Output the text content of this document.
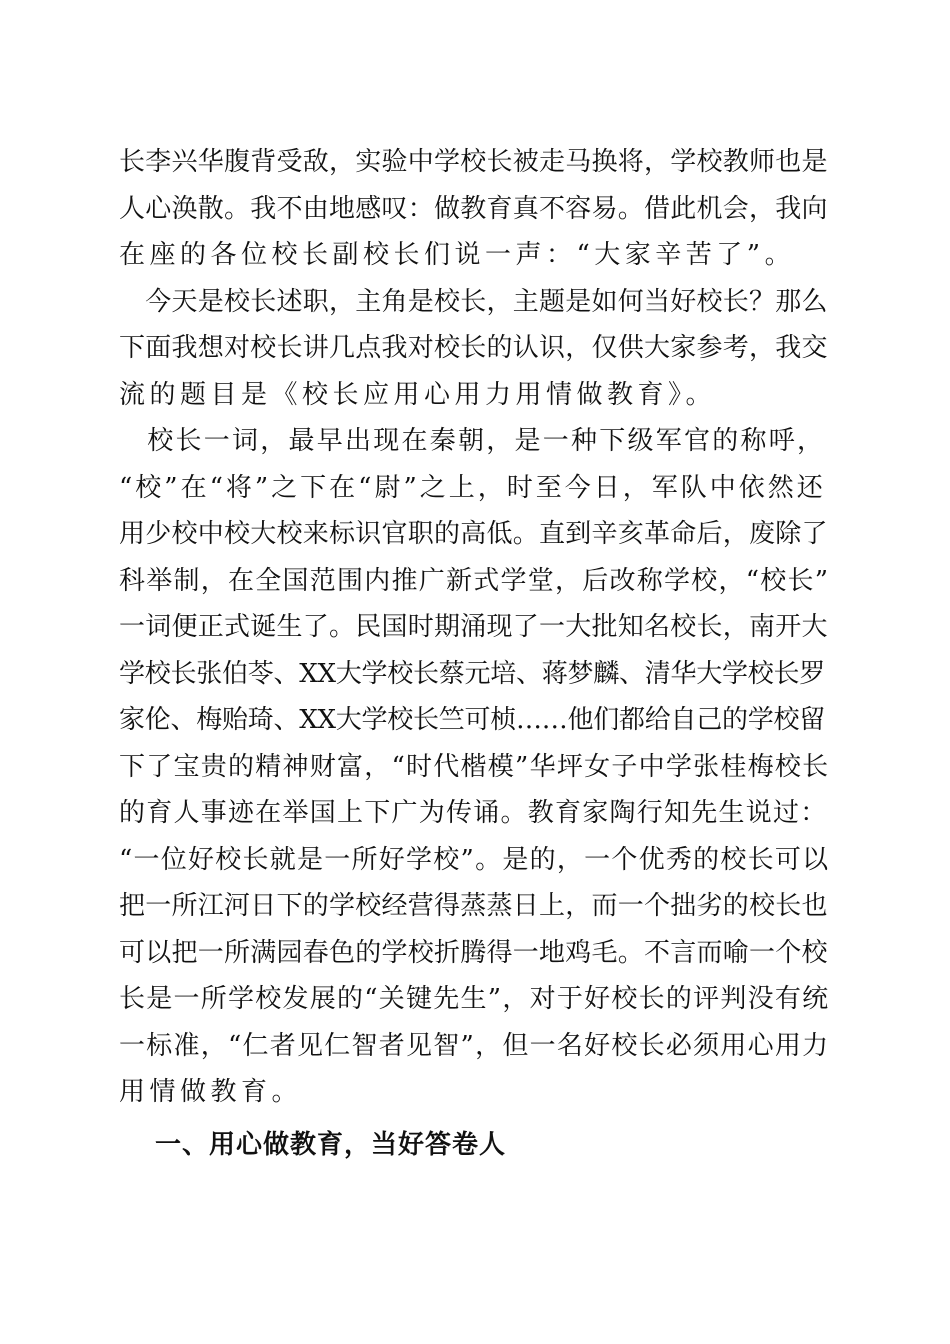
长李兴华腹背受敌，实验中学校长被走马换将，学校教师也是
人心涣散。我不由地感叹：做教育真不容易。借此机会，我向
在座的各位校长副校长们说一声：“大家辛苦了”。
　今天是校长述职，主角是校长，主题是如何当好校长？那么
下面我想对校长讲几点我对校长的认识，仅供大家参考，我交
流的题目是《校长应用心用力用情做教育》。
　校长一词，最早出现在秦朝，是一种下级军官的称呼，
“校”在“将”之下在“尉”之上，时至今日，军队中依然还
用少校中校大校来标识官职的高低。直到辛亥革命后，废除了
科举制，在全国范围内推广新式学堂，后改称学校，“校长”
一词便正式诞生了。民国时期涌现了一大批知名校长，南开大
学校长张伯苓、XX大学校长蔡元培、蒋梦麟、清华大学校长罗
家伦、梅贻琦、XX大学校长竺可桢……他们都给自己的学校留
下了宝贵的精神财富，“时代楷模”华坪女子中学张桂梅校长
的育人事迹在举国上下广为传诵。教育家陶行知先生说过：
“一位好校长就是一所好学校”。是的，一个优秀的校长可以
把一所江河日下的学校经营得蒸蒸日上，而一个拙劣的校长也
可以把一所满园春色的学校折腾得一地鸡毛。不言而喻一个校
长是一所学校发展的“关键先生”，对于好校长的评判没有统
一标准，“仁者见仁智者见智”，但一名好校长必须用心用力
用情做教育。
一、用心做教育，当好答卷人
